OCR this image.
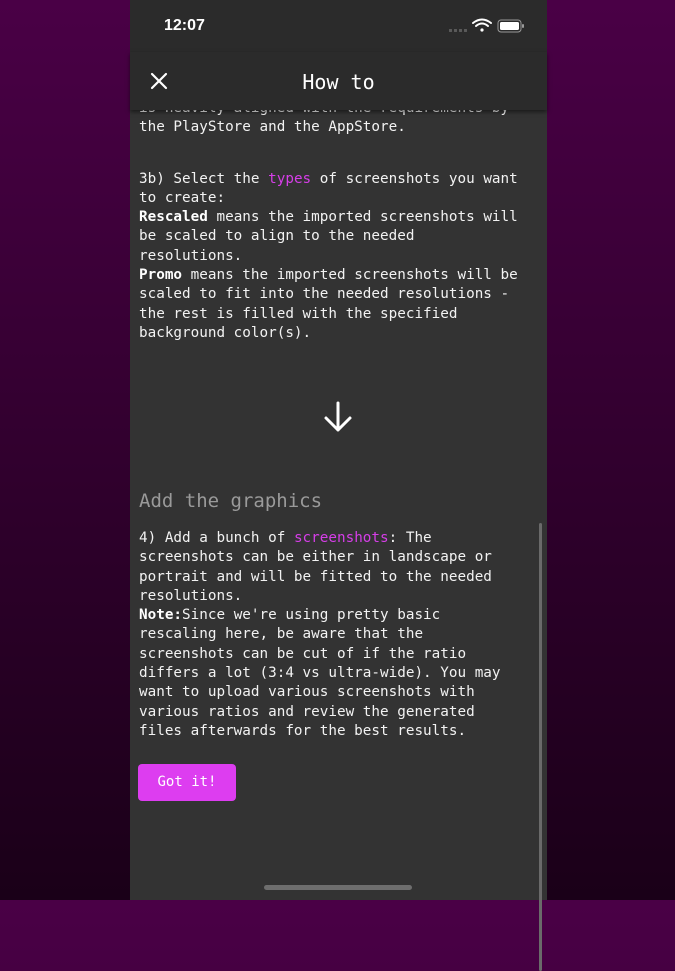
12:07
How to

the PlayStore and the AppStore.

3b) Select the types of screenshots you want
to create:
Rescaled means the imported screenshots will
be scaled to align to the needed
resolutions.
Promo means the imported screenshots will be
scaled to fit into the needed resolutions -
the rest is filled with the specified
background color(s).

Add the graphics

4) Add a bunch of screenshots: The
screenshots can be either in landscape or
portrait and will be fitted to the needed
resolutions.
Note:Since we're using pretty basic
rescaling here, be aware that the
screenshots can be cut of if the ratio
differs a lot (3:4 vs ultra-wide). You may
want to upload various screenshots with
various ratios and review the generated
files afterwards for the best results.

Got it!
